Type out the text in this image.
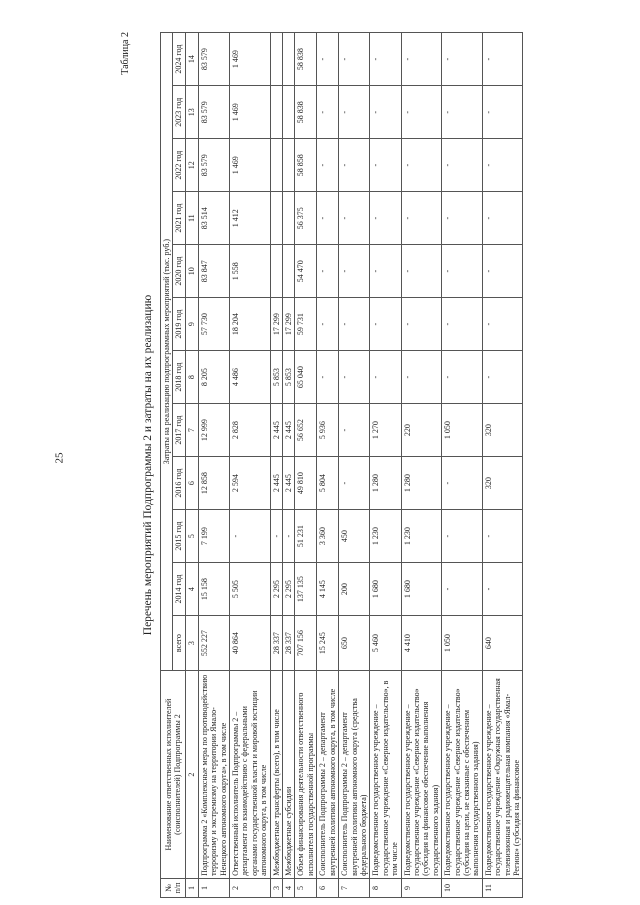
25
Таблица 2
Перечень мероприятий Подпрограммы 2 и затраты на их реализацию
№ п/п	Наименование ответственных исполнителей (соисполнителей) Подпрограммы 2	Затраты на реализацию подпрограммных мероприятий (тыс. руб.)											
		всего	2014 год	2015 год	2016 год	2017 год	2018 год	2019 год	2020 год	2021 год	2022 год	2023 год	2024 год
1	2	3	4	5	6	7	8	9	10	11	12	13	14
1	Подпрограмма 2 «Комплексные меры по противодействию терроризму и экстремизму на территории Ямало-Ненецкого автономного округа», в том числе	552 227	15 158	7 199	12 858	12 999	8 205	57 730	83 847	83 514	83 579	83 579	83 579
2	Ответственный исполнитель Подпрограммы 2 – департамент по взаимодействию с федеральными органами государственной власти и мировой юстиции автономного округа, в том числе	40 864	5 505	-	2 594	2 828	4 486	18 204	1 558	1 412	1 469	1 469	1 469
3	Межбюджетные трансферты (всего), в том числе	28 337	2 295	-	2 445	2 445	5 853	17 299					
4	Межбюджетные субсидии	28 337	2 295	-	2 445	2 445	5 853	17 299					
5	Объем финансирования деятельности ответственного исполнителя государственной программы	707 156	137 135	51 231	49 810	56 652	65 040	59 731	54 470	56 375	58 858	58 838	58 838
6	Соисполнитель Подпрограммы 2 – департамент внутренней политики автономного округа, в том числе	15 245	4 145	3 360	5 804	5 936	-	-	-	-	-	-	-
7	Соисполнитель Подпрограммы 2 – департамент внутренней политики автономного округа (средства федерального бюджета)	650	200	450	-	-	-	-	-	-	-	-	-
8	Подведомственное государственное учреждение – государственное учреждение «Северное издательство», в том числе	5 460	1 680	1 230	1 280	1 270	-	-	-	-	-	-	-
9	Подведомственное государственное учреждение – государственное учреждение «Северное издательство» (субсидия на финансовое обеспечение выполнения государственного задания)	4 410	1 680	1 230	1 280	220	-	-	-	-	-	-	-
10	Подведомственное государственное учреждение – государственное учреждение «Северное издательство» (субсидия на цели, не связанные с обеспечением выполнения государственного задания)	1 050	-	-	-	1 050	-	-	-	-	-	-	-
11	Подведомственное государственное учреждение – государственное учреждение «Окружная государственная телевизионная и радиовещательная компания «Ямал-Регион» (субсидия на финансовое	640	-	-	320	320	-	-	-	-	-	-	-
